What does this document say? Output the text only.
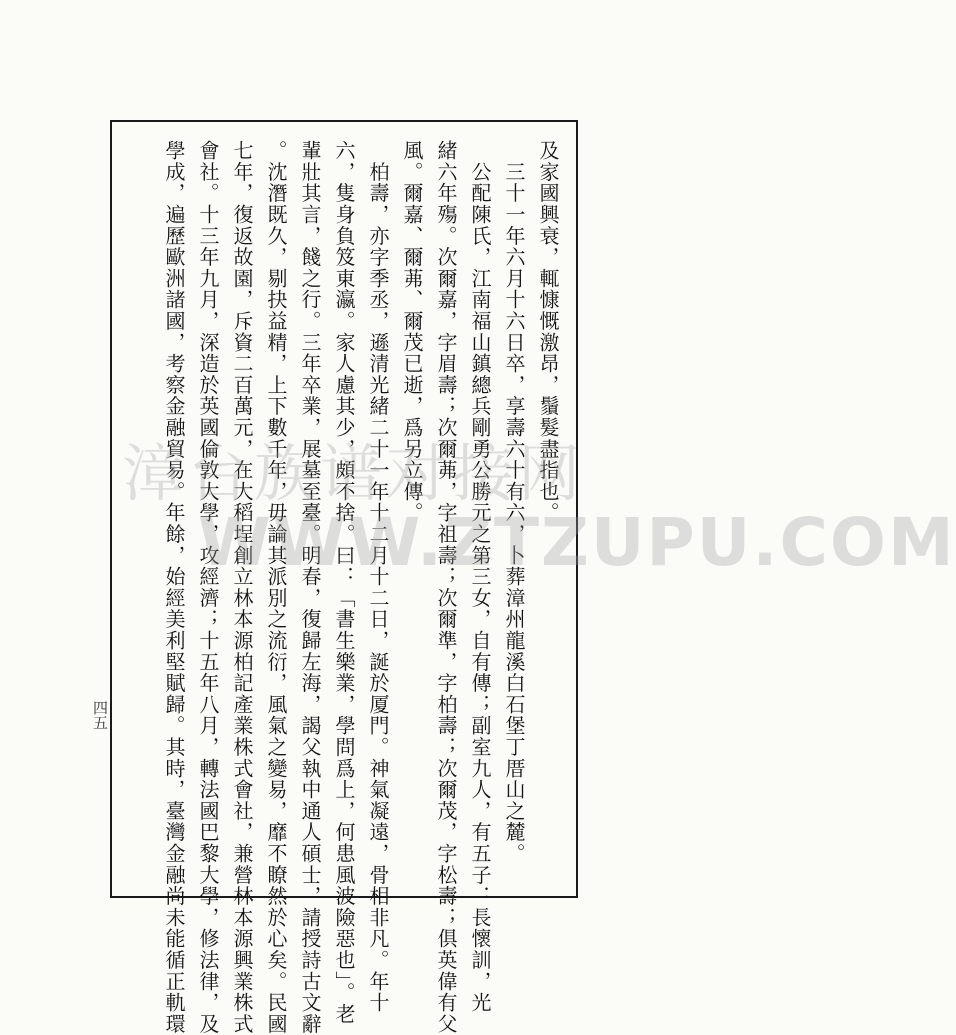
及家國興衰，輒慷慨激昂，鬚髮盡指也。
　三十一年六月十六日卒，享壽六十有六，卜葬漳州龍溪白石堡丁厝山之麓。
　公配陳氏，江南福山鎮總兵剛勇公勝元之第三女，自有傳；副室九人，有五子：長懷訓，光
緒六年殤。次爾嘉，字眉壽；次爾茀，字祖壽；次爾準，字柏壽；次爾茂，字松壽；俱英偉有父
風。爾嘉、爾茀、爾茂已逝，爲另立傳。
　柏壽，亦字季丞，遜清光緒二十一年十二月十二日，誕於厦門。神氣凝遠，骨相非凡。年十
六，隻身負笈東瀛。家人慮其少，頗不捨。曰：「書生樂業，學問爲上，何患風波險惡也」。老
輩壯其言，餞之行。三年卒業，展墓至臺。明春，復歸左海，謁父執中通人碩士，請授詩古文辭
。沈潛既久，剔抉益精，上下數千年，毋論其派別之流衍，風氣之變易，靡不瞭然於心矣。民國
七年，復返故園，斥資二百萬元，在大稻埕創立林本源柏記產業株式會社，兼營林本源興業株式
會社。十三年九月，深造於英國倫敦大學，攻經濟；十五年八月，轉法國巴黎大學，修法律，及
學成，遍歷歐洲諸國，考察金融貿易。年餘，始經美利堅賦歸。其時，臺灣金融尚未能循正軌環
四五
漳台族谱对接网
WWW.ZTZUPU.COM
